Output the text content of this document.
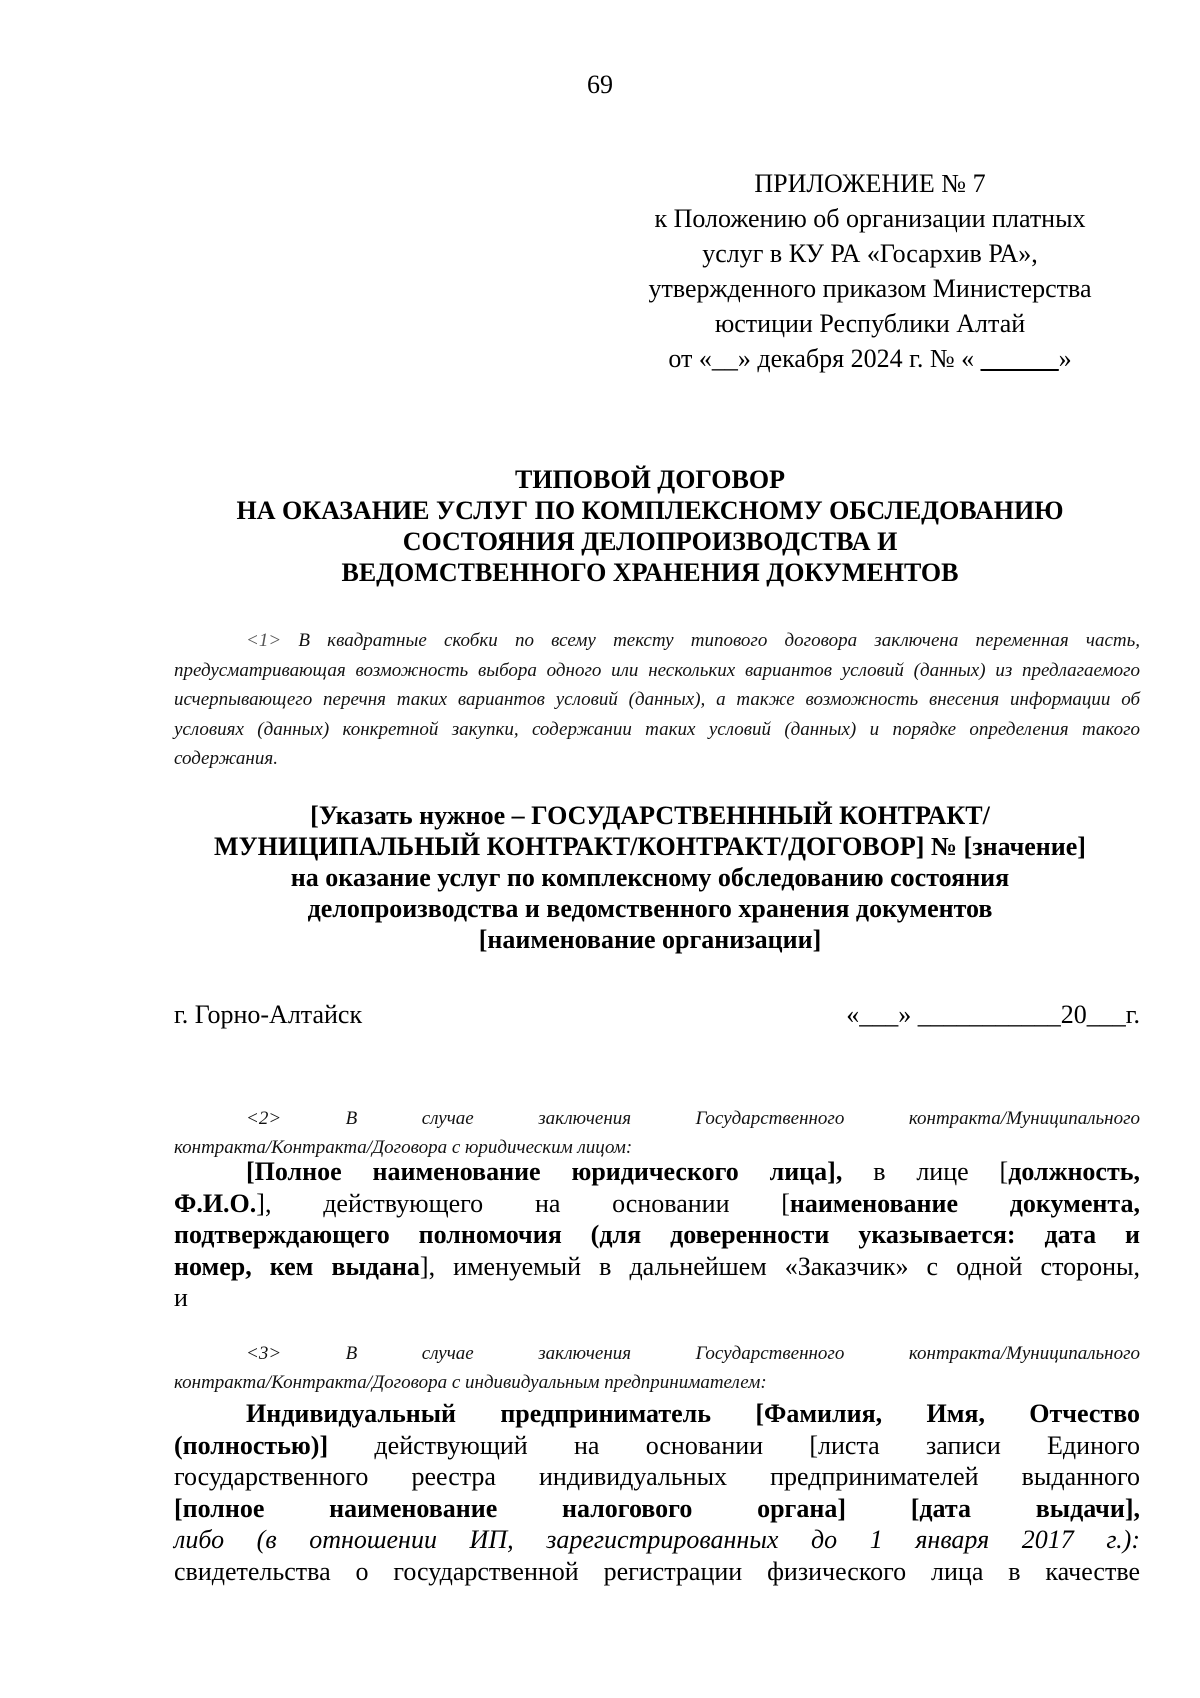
69
ПРИЛОЖЕНИЕ № 7
к Положению об организации платных
услуг в КУ РА «Госархив РА»,
утвержденного приказом Министерства
юстиции Республики Алтай
от «__» декабря 2024 г. № « ______»
ТИПОВОЙ ДОГОВОР
НА ОКАЗАНИЕ УСЛУГ ПО КОМПЛЕКСНОМУ ОБСЛЕДОВАНИЮ
СОСТОЯНИЯ ДЕЛОПРОИЗВОДСТВА И
ВЕДОМСТВЕННОГО ХРАНЕНИЯ ДОКУМЕНТОВ
<1> В квадратные скобки по всему тексту типового договора заключена переменная часть, предусматривающая возможность выбора одного или нескольких вариантов условий (данных) из предлагаемого исчерпывающего перечня таких вариантов условий (данных), а также возможность внесения информации об условиях (данных) конкретной закупки, содержании таких условий (данных) и порядке определения такого содержания.
[Указать нужное – ГОСУДАРСТВЕНННЫЙ КОНТРАКТ/
МУНИЦИПАЛЬНЫЙ КОНТРАКТ/КОНТРАКТ/ДОГОВОР] № [значение]
на оказание услуг по комплексному обследованию состояния
делопроизводства и ведомственного хранения документов
[наименование организации]
г. Горно-Алтайск	«___» ___________20___г.
<2>     В     случае     заключения     Государственного     контракта/Муниципального
контракта/Контракта/Договора с юридическим лицом:
[Полное наименование юридического лица], в лице [должность,
Ф.И.О.],  действующего  на  основании  [наименование  документа,
подтверждающего полномочия (для доверенности указывается: дата и
номер, кем выдана], именуемый в дальнейшем «Заказчик» с одной стороны,
и
<3>     В     случае     заключения     Государственного     контракта/Муниципального
контракта/Контракта/Договора с индивидуальным предпринимателем:
Индивидуальный предприниматель [Фамилия, Имя, Отчество
(полностью)] действующий на основании [листа записи Единого
государственного реестра индивидуальных предпринимателей выданного
[полное  наименование  налогового  органа]  [дата  выдачи],
либо (в отношении ИП, зарегистрированных до 1 января 2017 г.):
свидетельства о государственной регистрации физического лица в качестве
